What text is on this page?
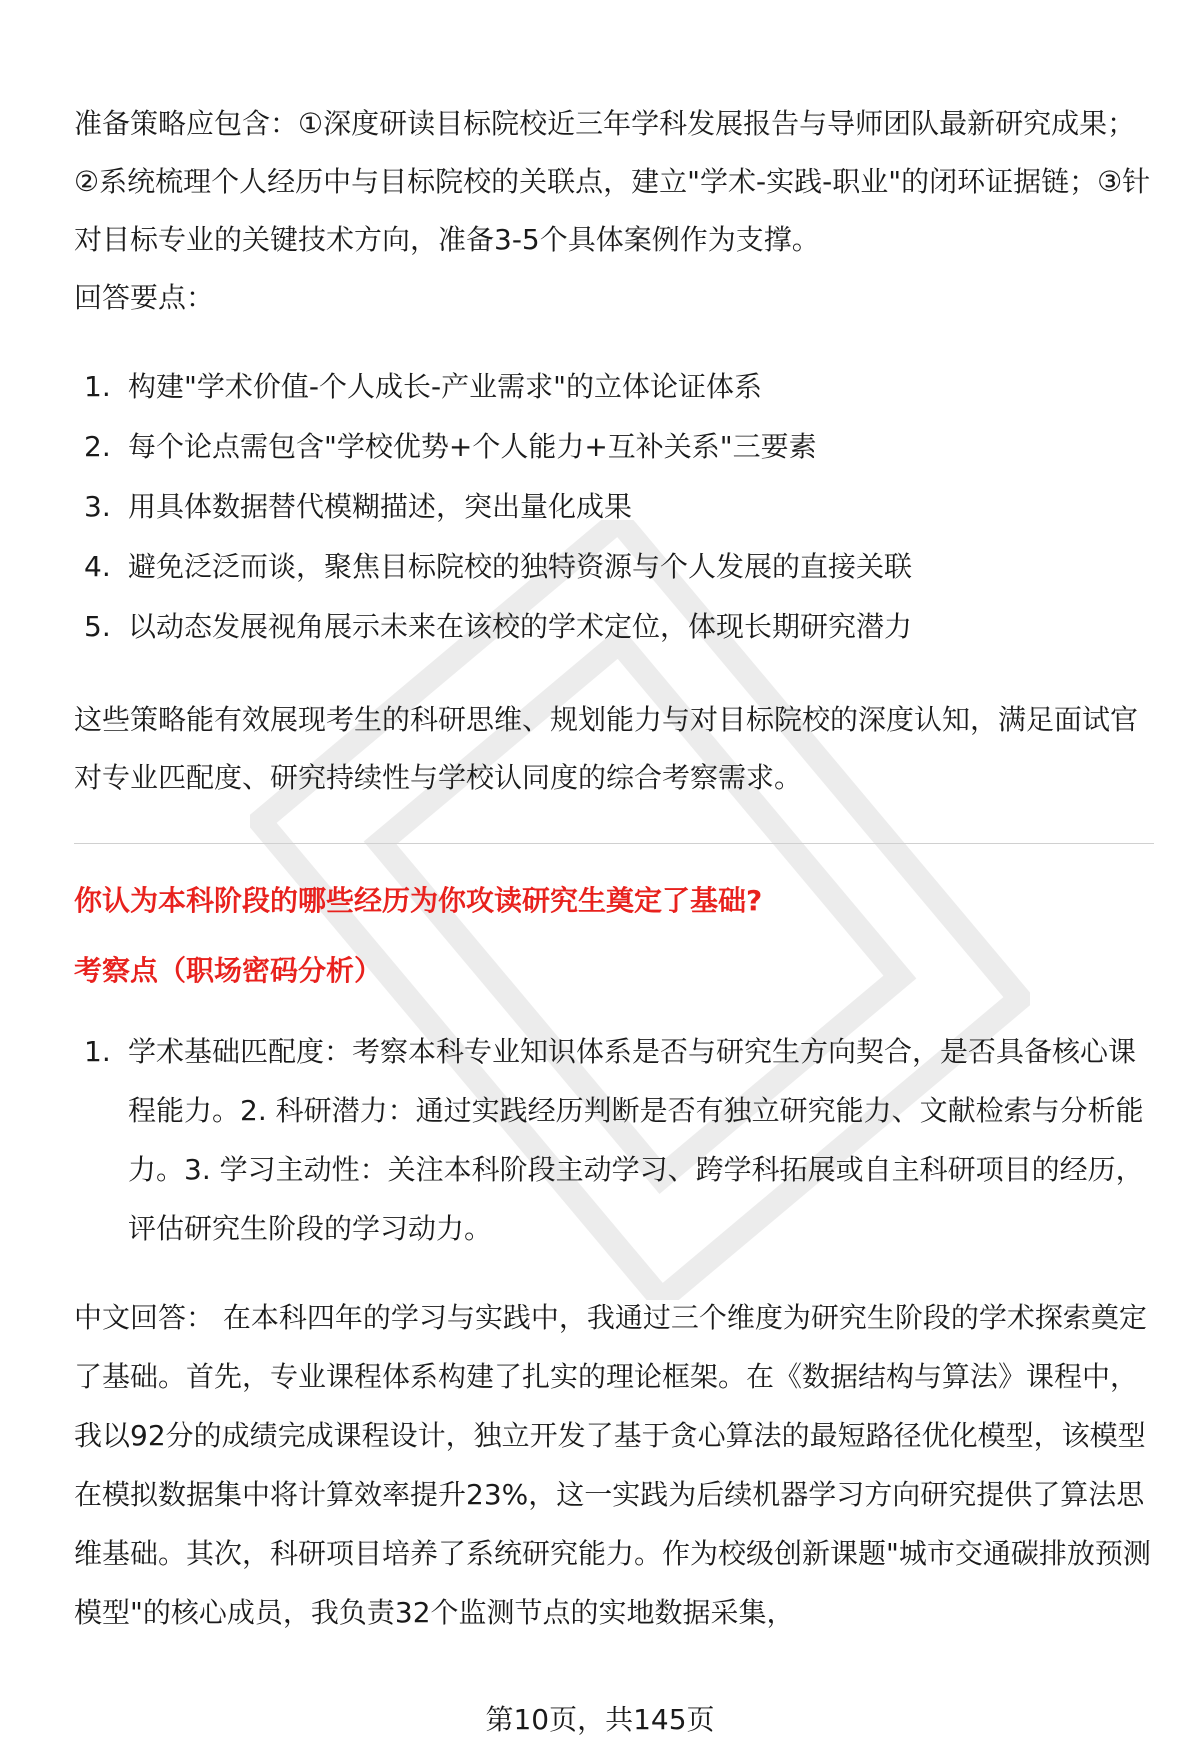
准备策略应包含：①深度研读目标院校近三年学科发展报告与导师团队最新研究成果；②系统梳理个人经历中与目标院校的关联点，建立"学术-实践-职业"的闭环证据链；③针对目标专业的关键技术方向，准备3-5个具体案例作为支撑。

回答要点：

1. 构建"学术价值-个人成长-产业需求"的立体论证体系
2. 每个论点需包含"学校优势+个人能力+互补关系"三要素
3. 用具体数据替代模糊描述，突出量化成果
4. 避免泛泛而谈，聚焦目标院校的独特资源与个人发展的直接关联
5. 以动态发展视角展示未来在该校的学术定位，体现长期研究潜力

这些策略能有效展现考生的科研思维、规划能力与对目标院校的深度认知，满足面试官对专业匹配度、研究持续性与学校认同度的综合考察需求。

你认为本科阶段的哪些经历为你攻读研究生奠定了基础?

考察点（职场密码分析）

1. 学术基础匹配度：考察本科专业知识体系是否与研究生方向契合，是否具备核心课程能力。2. 科研潜力：通过实践经历判断是否有独立研究能力、文献检索与分析能力。3. 学习主动性：关注本科阶段主动学习、跨学科拓展或自主科研项目的经历，评估研究生阶段的学习动力。

中文回答： 在本科四年的学习与实践中，我通过三个维度为研究生阶段的学术探索奠定了基础。首先，专业课程体系构建了扎实的理论框架。在《数据结构与算法》课程中，我以92分的成绩完成课程设计，独立开发了基于贪心算法的最短路径优化模型，该模型在模拟数据集中将计算效率提升23%，这一实践为后续机器学习方向研究提供了算法思维基础。其次，科研项目培养了系统研究能力。作为校级创新课题"城市交通碳排放预测模型"的核心成员，我负责32个监测节点的实地数据采集，

第10页，共145页
